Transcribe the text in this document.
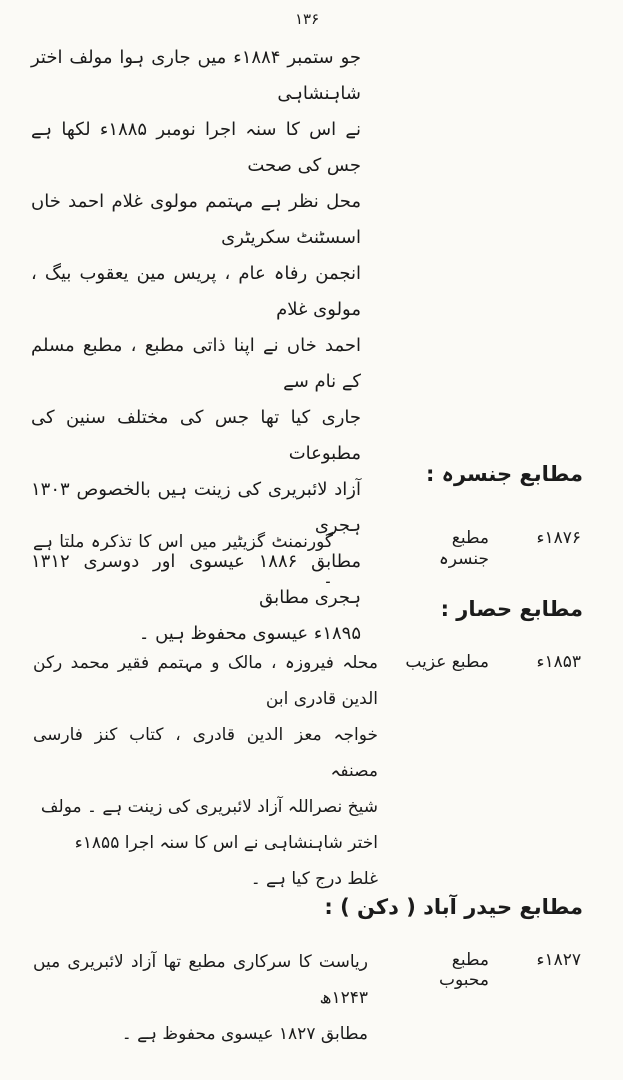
۱۳۶
جو ستمبر ۱۸۸۴ء میں جاری ہوا مولف اختر شاہنشاہی
نے اس کا سنہ اجرا نومبر ۱۸۸۵ء لکھا ہے جس کی صحت
محل نظر ہے مہتمم مولوی غلام احمد خاں اسسٹنٹ سکریٹری
انجمن رفاہ عام ، پریس مین یعقوب بیگ ، مولوی غلام
احمد خاں نے اپنا ذاتی مطبع ، مطبع مسلم کے نام سے
جاری کیا تھا جس کی مختلف سنین کی مطبوعات
آزاد لائبریری کی زینت ہیں بالخصوص ۱۳۰۳ ہجری
مطابق ۱۸۸۶ عیسوی اور دوسری ۱۳۱۲ ہجری مطابق
۱۸۹۵ء عیسوی محفوظ ہیں ۔
مطابع جنسرہ :
۱۸۷۶ء
مطبع جنسرہ
گورنمنٹ گزیٹیر میں اس کا تذکرہ ملتا ہے ۔
مطابع حصار :
۱۸۵۳ء
مطبع عزیب
محلہ فیروزہ ، مالک و مہتمم فقیر محمد رکن الدین قادری ابن
خواجہ معز الدین قادری ، کتاب کنز فارسی مصنفہ
شیخ نصراللہ آزاد لائبریری کی زینت ہے ۔ مولف
اختر شاہنشاہی نے اس کا سنہ اجرا ۱۸۵۵ء
غلط درج کیا ہے ۔
مطابع حیدر آباد ( دکن ) :
۱۸۲۷ء
مطبع محبوب
ریاست کا سرکاری مطبع تھا آزاد لائبریری میں ۱۲۴۳ھ
مطابق ۱۸۲۷ عیسوی محفوظ ہے ۔
